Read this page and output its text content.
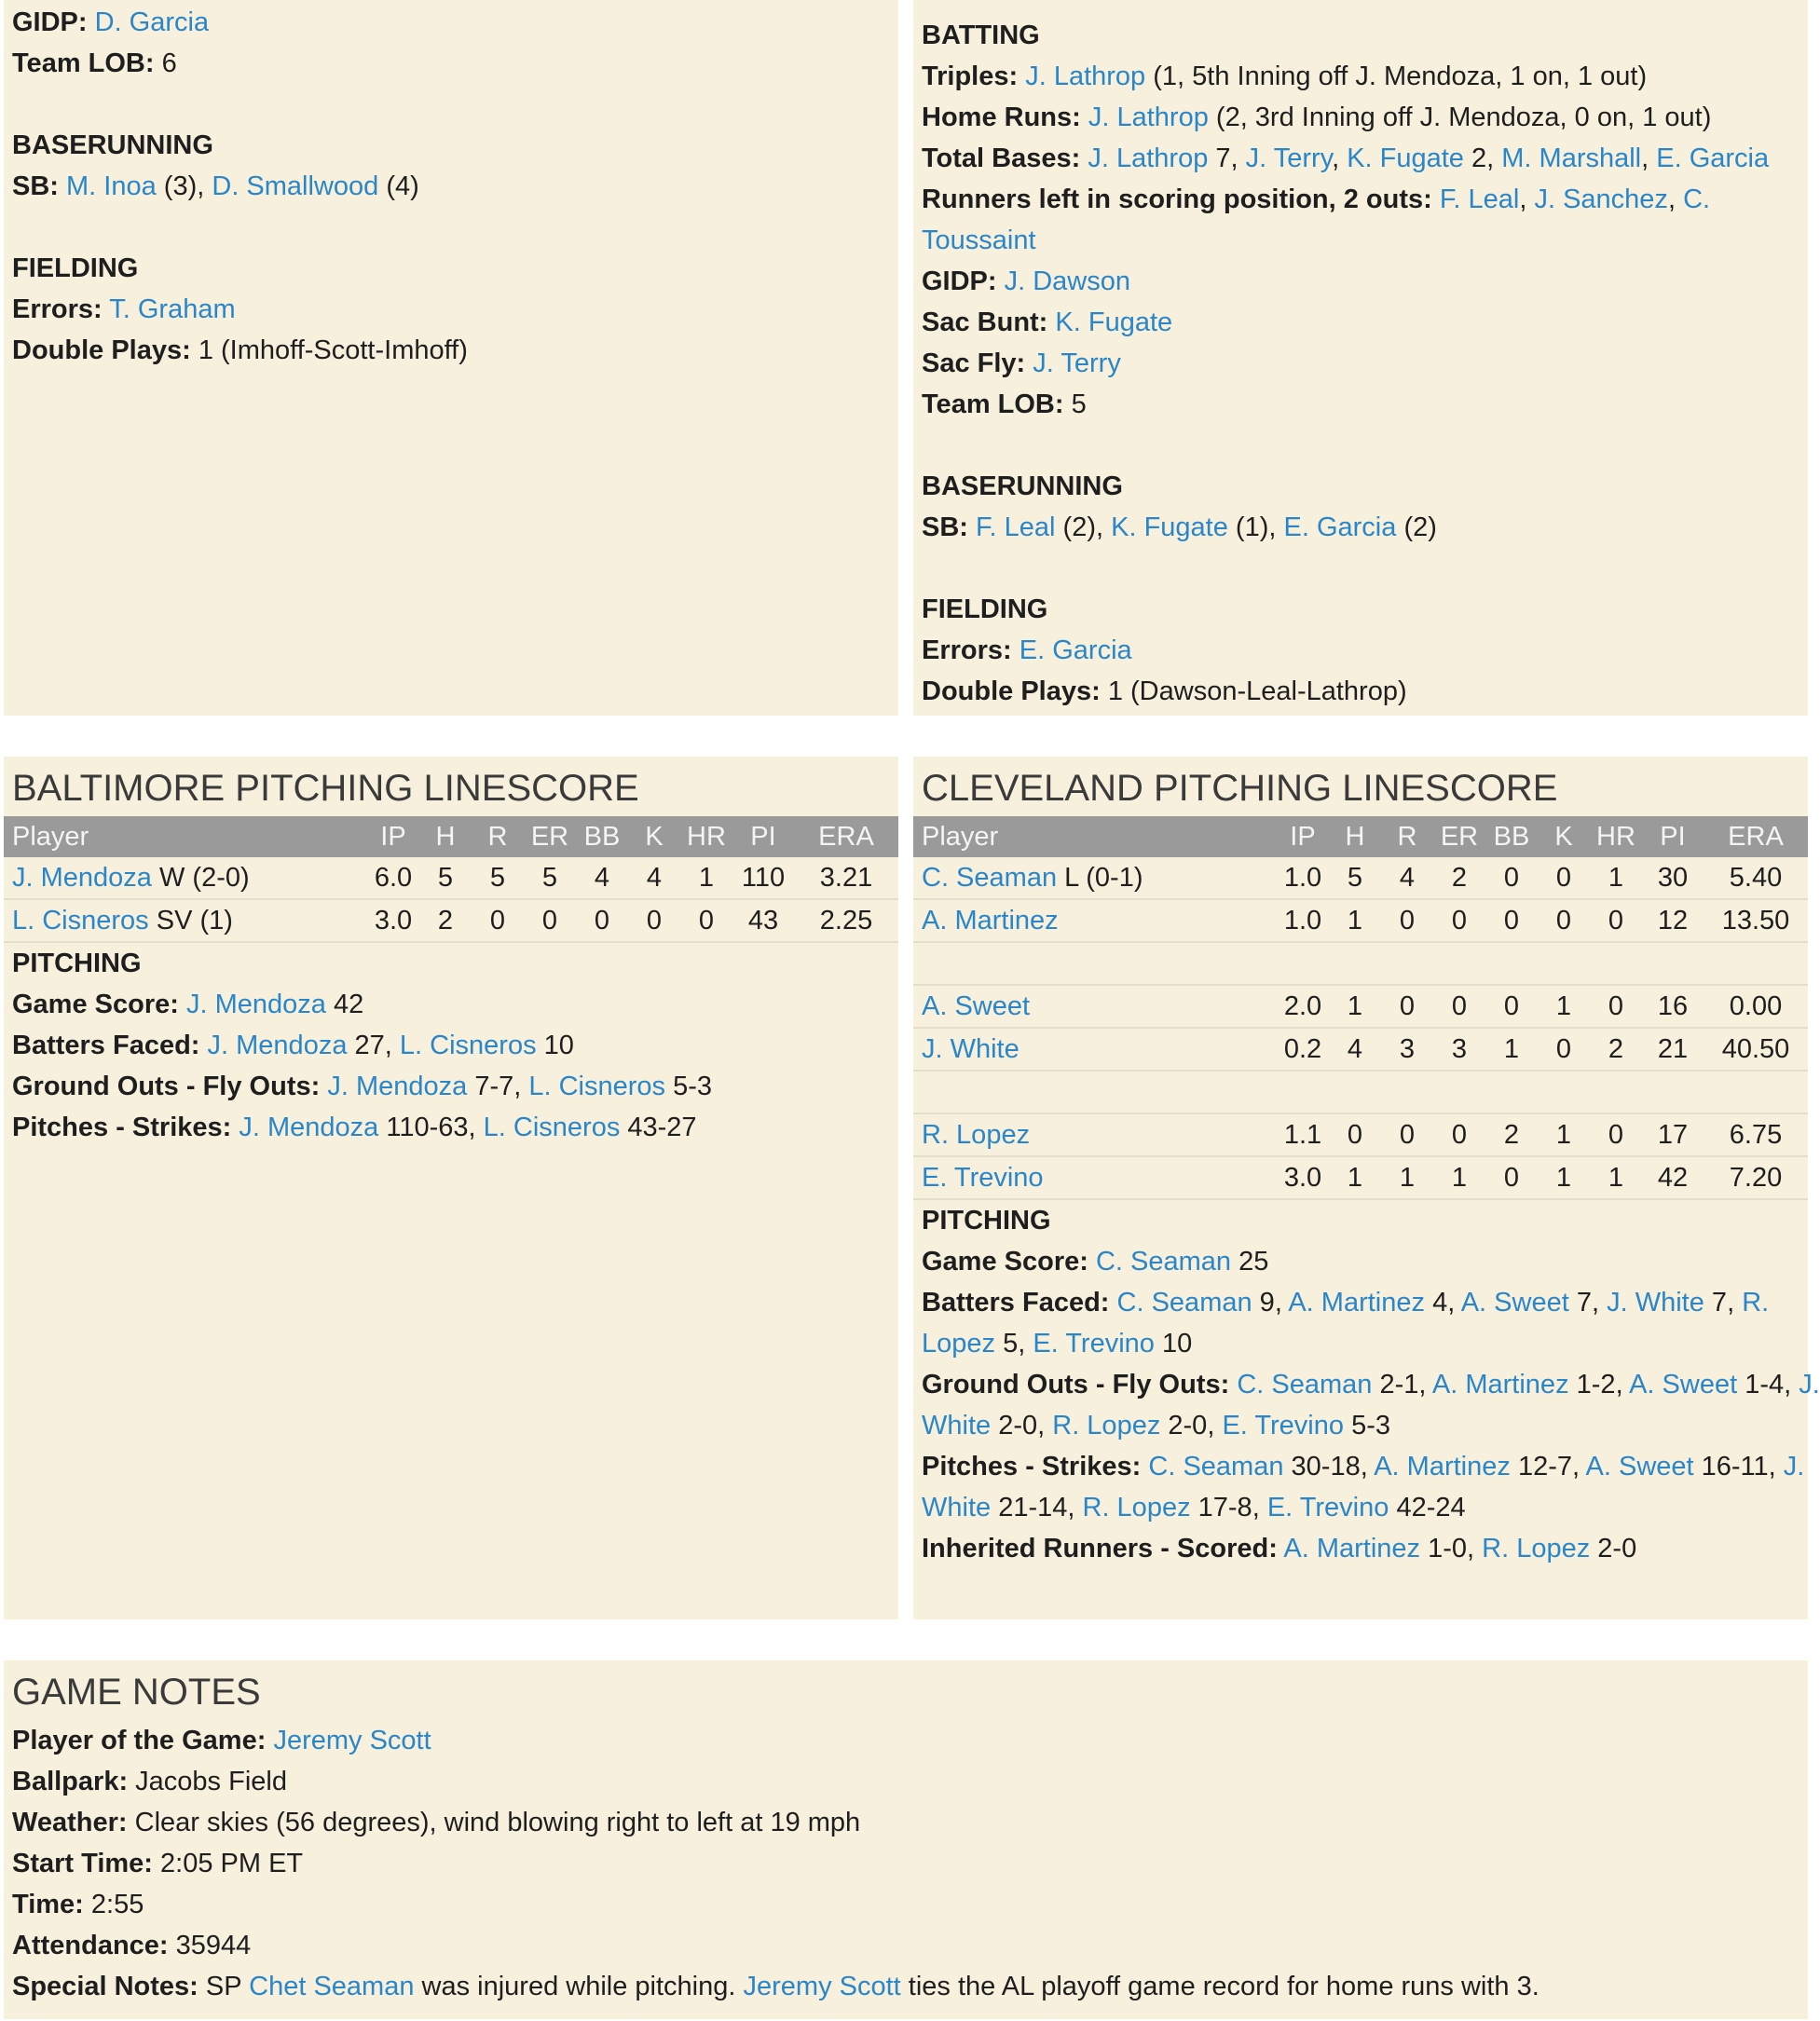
GIDP: D. Garcia
Team LOB: 6
BASERUNNING
SB: M. Inoa (3), D. Smallwood (4)
FIELDING
Errors: T. Graham
Double Plays: 1 (Imhoff-Scott-Imhoff)
BATTING
Triples: J. Lathrop (1, 5th Inning off J. Mendoza, 1 on, 1 out)
Home Runs: J. Lathrop (2, 3rd Inning off J. Mendoza, 0 on, 1 out)
Total Bases: J. Lathrop 7, J. Terry, K. Fugate 2, M. Marshall, E. Garcia
Runners left in scoring position, 2 outs: F. Leal, J. Sanchez, C.
Toussaint
GIDP: J. Dawson
Sac Bunt: K. Fugate
Sac Fly: J. Terry
Team LOB: 5
BASERUNNING
SB: F. Leal (2), K. Fugate (1), E. Garcia (2)
FIELDING
Errors: E. Garcia
Double Plays: 1 (Dawson-Leal-Lathrop)
BALTIMORE PITCHING LINESCORE
Player	IP	H	R	ER	BB	K	HR	PI	ERA
J. Mendoza W (2-0)	6.0	5	5	5	4	4	1	110	3.21
L. Cisneros SV (1)	3.0	2	0	0	0	0	0	43	2.25
PITCHING
Game Score: J. Mendoza 42
Batters Faced: J. Mendoza 27, L. Cisneros 10
Ground Outs - Fly Outs: J. Mendoza 7-7, L. Cisneros 5-3
Pitches - Strikes: J. Mendoza 110-63, L. Cisneros 43-27
CLEVELAND PITCHING LINESCORE
Player	IP	H	R	ER	BB	K	HR	PI	ERA
C. Seaman L (0-1)	1.0	5	4	2	0	0	1	30	5.40
A. Martinez	1.0	1	0	0	0	0	0	12	13.50

A. Sweet	2.0	1	0	0	0	1	0	16	0.00
J. White	0.2	4	3	3	1	0	2	21	40.50

R. Lopez	1.1	0	0	0	2	1	0	17	6.75
E. Trevino	3.0	1	1	1	0	1	1	42	7.20
PITCHING
Game Score: C. Seaman 25
Batters Faced: C. Seaman 9, A. Martinez 4, A. Sweet 7, J. White 7, R.
Lopez 5, E. Trevino 10
Ground Outs - Fly Outs: C. Seaman 2-1, A. Martinez 1-2, A. Sweet 1-4, J.
White 2-0, R. Lopez 2-0, E. Trevino 5-3
Pitches - Strikes: C. Seaman 30-18, A. Martinez 12-7, A. Sweet 16-11, J.
White 21-14, R. Lopez 17-8, E. Trevino 42-24
Inherited Runners - Scored: A. Martinez 1-0, R. Lopez 2-0
GAME NOTES
Player of the Game: Jeremy Scott
Ballpark: Jacobs Field
Weather: Clear skies (56 degrees), wind blowing right to left at 19 mph
Start Time: 2:05 PM ET
Time: 2:55
Attendance: 35944
Special Notes: SP Chet Seaman was injured while pitching. Jeremy Scott ties the AL playoff game record for home runs with 3.
